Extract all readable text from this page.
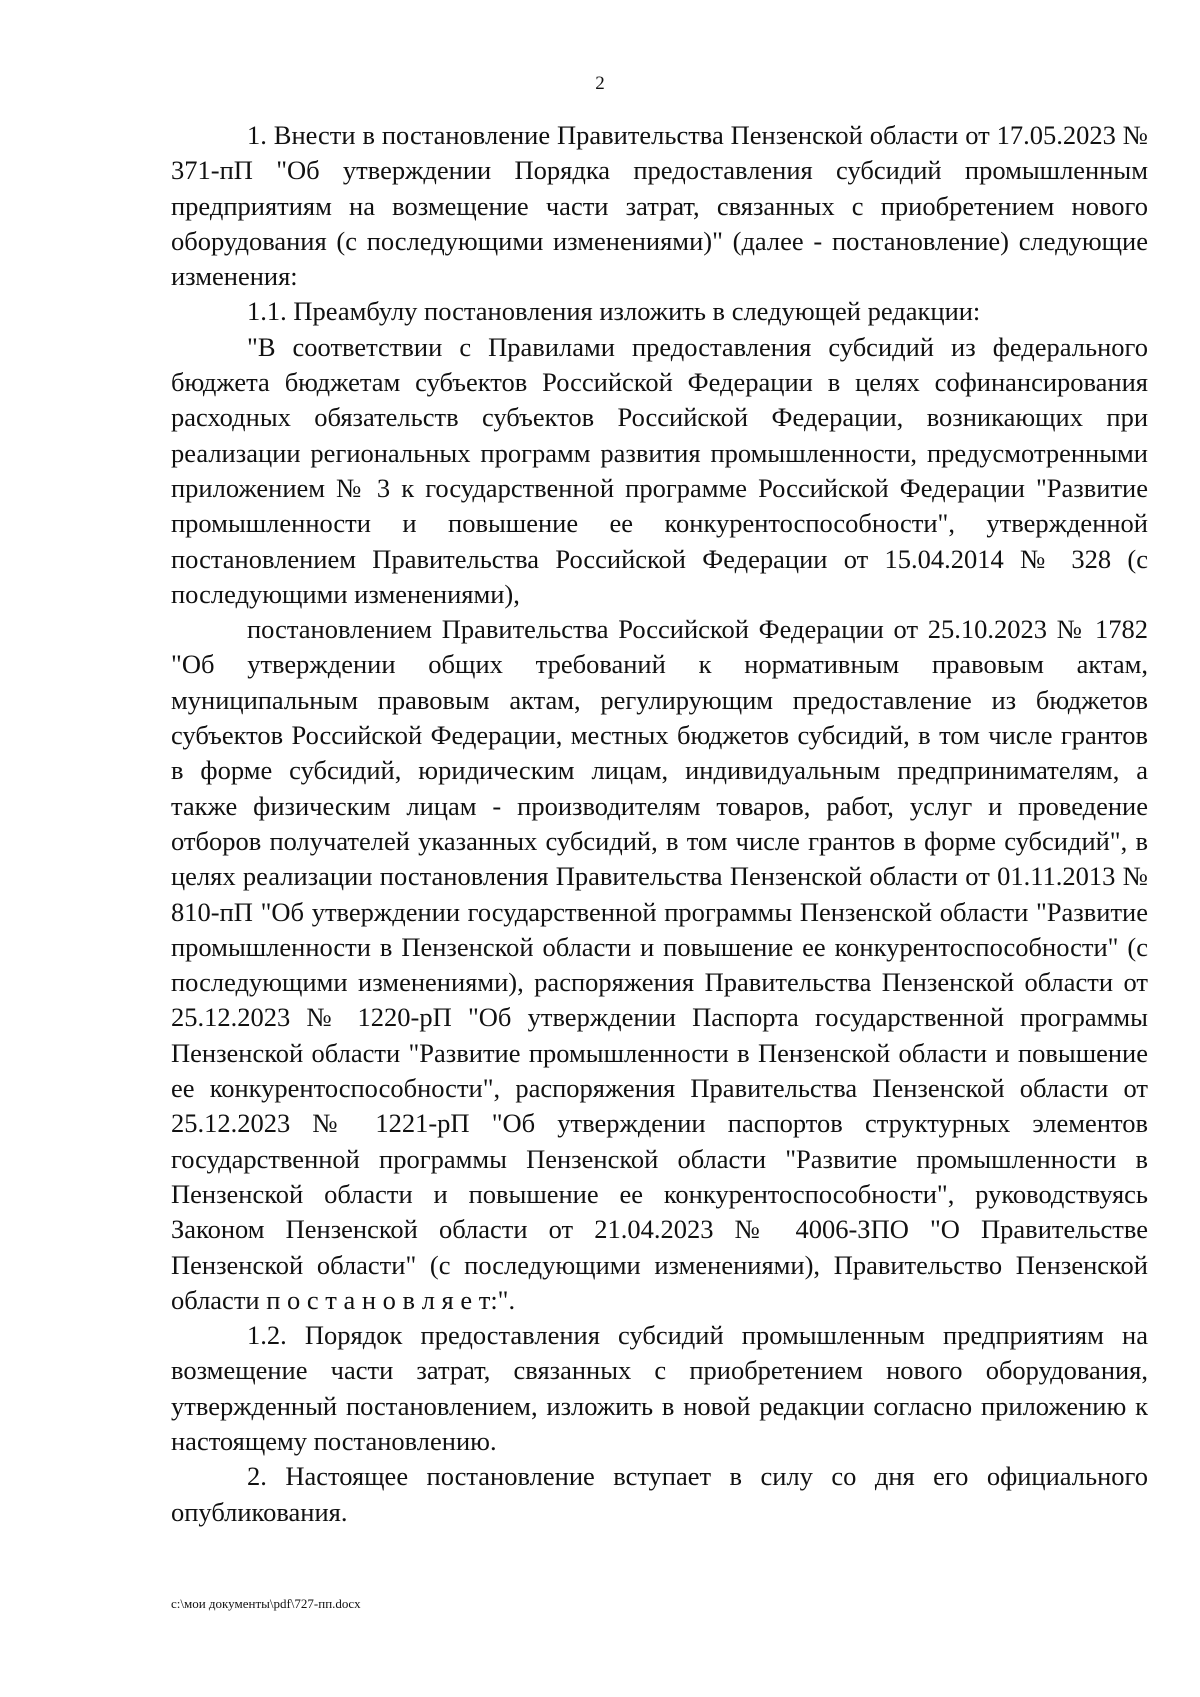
2

1. Внести в постановление Правительства Пензенской области от 17.05.2023 № 371-пП "Об утверждении Порядка предоставления субсидий промышленным предприятиям на возмещение части затрат, связанных с приобретением нового оборудования (с последующими изменениями)" (далее - постановление) следующие изменения:

1.1. Преамбулу постановления изложить в следующей редакции:

"В соответствии с Правилами предоставления субсидий из федерального бюджета бюджетам субъектов Российской Федерации в целях софинансирования расходных обязательств субъектов Российской Федерации, возникающих при реализации региональных программ развития промышленности, предусмотренными приложением № 3 к государственной программе Российской Федерации "Развитие промышленности и повышение ее конкурентоспособности", утвержденной постановлением Правительства Российской Федерации от 15.04.2014 № 328 (с последующими изменениями),

постановлением Правительства Российской Федерации от 25.10.2023 № 1782 "Об утверждении общих требований к нормативным правовым актам, муниципальным правовым актам, регулирующим предоставление из бюджетов субъектов Российской Федерации, местных бюджетов субсидий, в том числе грантов в форме субсидий, юридическим лицам, индивидуальным предпринимателям, а также физическим лицам - производителям товаров, работ, услуг и проведение отборов получателей указанных субсидий, в том числе грантов в форме субсидий", в целях реализации постановления Правительства Пензенской области от 01.11.2013 № 810-пП "Об утверждении государственной программы Пензенской области "Развитие промышленности в Пензенской области и повышение ее конкурентоспособности" (с последующими изменениями), распоряжения Правительства Пензенской области от 25.12.2023 № 1220-рП "Об утверждении Паспорта государственной программы Пензенской области "Развитие промышленности в Пензенской области и повышение ее конкурентоспособности", распоряжения Правительства Пензенской области от 25.12.2023 № 1221-рП "Об утверждении паспортов структурных элементов государственной программы Пензенской области "Развитие промышленности в Пензенской области и повышение ее конкурентоспособности", руководствуясь Законом Пензенской области от 21.04.2023 № 4006-ЗПО "О Правительстве Пензенской области" (с последующими изменениями), Правительство Пензенской области п о с т а н о в л я е т:".

1.2. Порядок предоставления субсидий промышленным предприятиям на возмещение части затрат, связанных с приобретением нового оборудования, утвержденный постановлением, изложить в новой редакции согласно приложению к настоящему постановлению.

2. Настоящее постановление вступает в силу со дня его официального опубликования.

c:\мои документы\pdf\727-пп.docx
